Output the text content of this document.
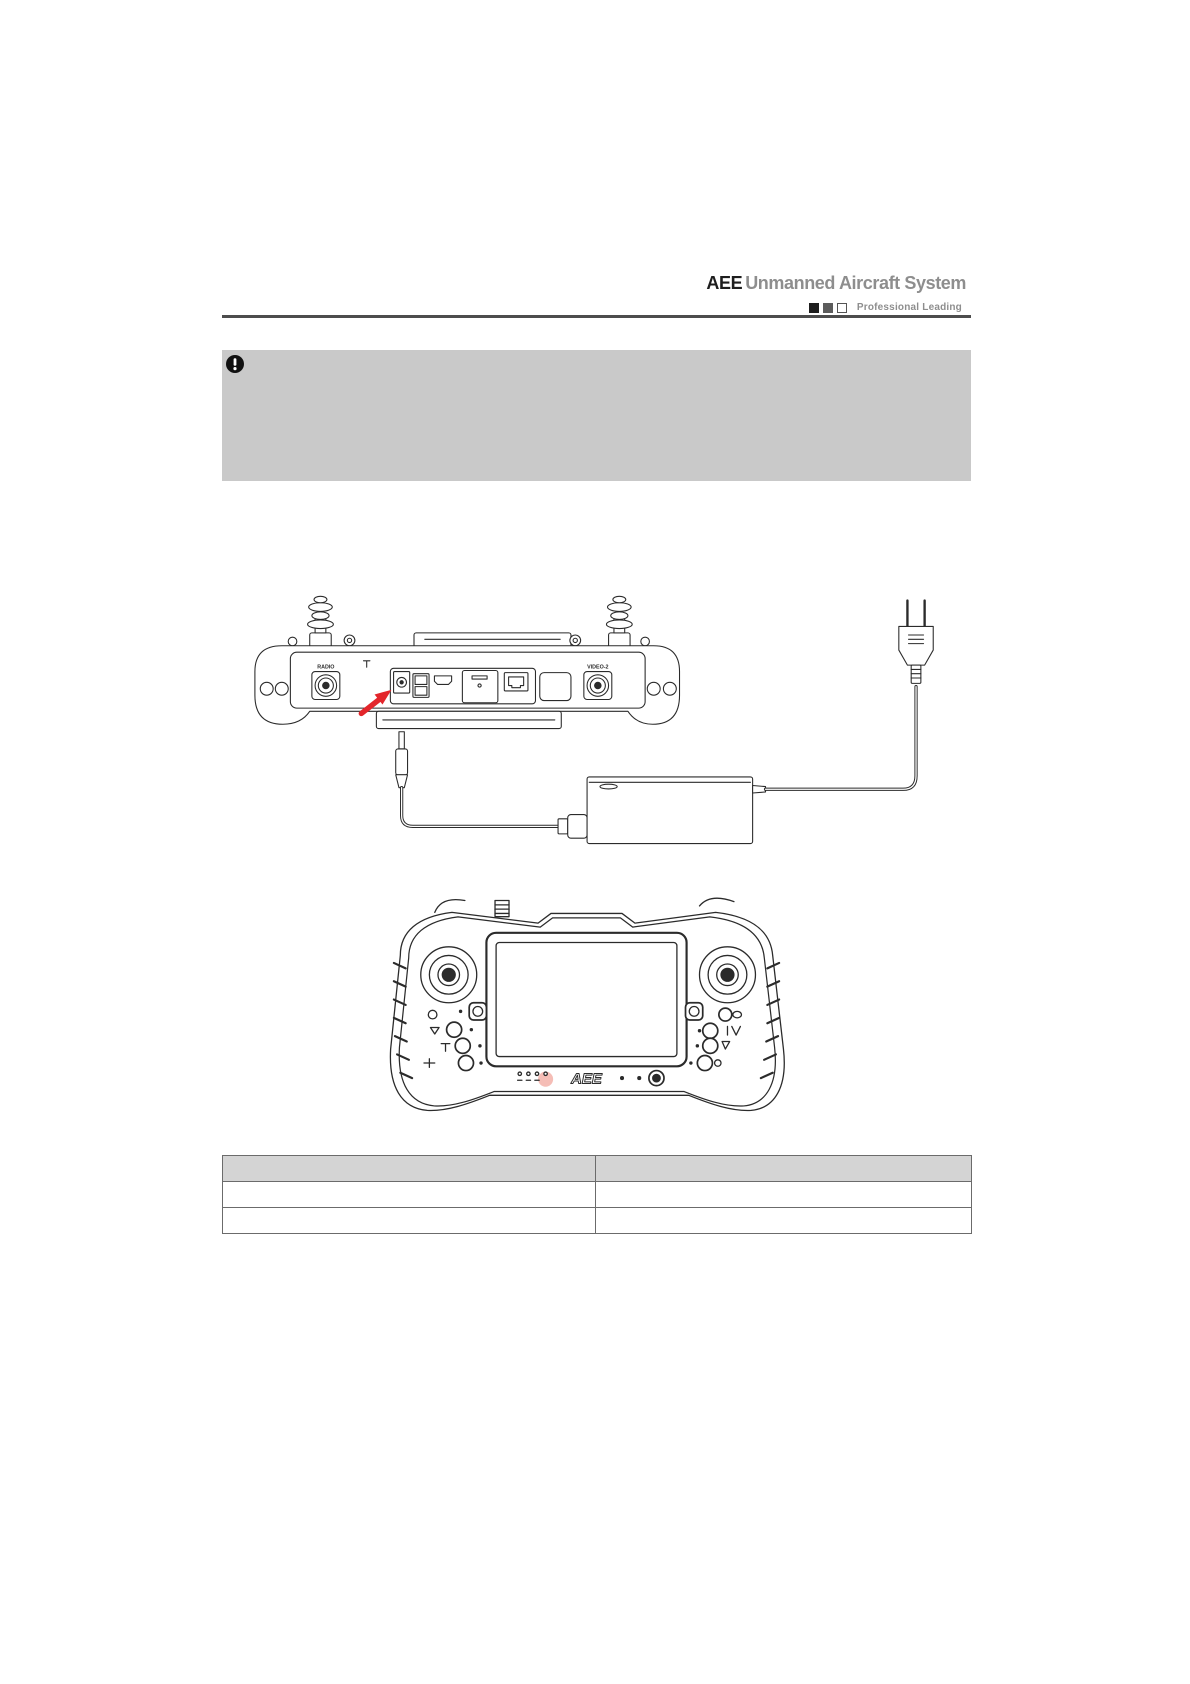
AEE Unmanned Aircraft System
Professional Leading
RADIO	VIDEO-2
AEE
